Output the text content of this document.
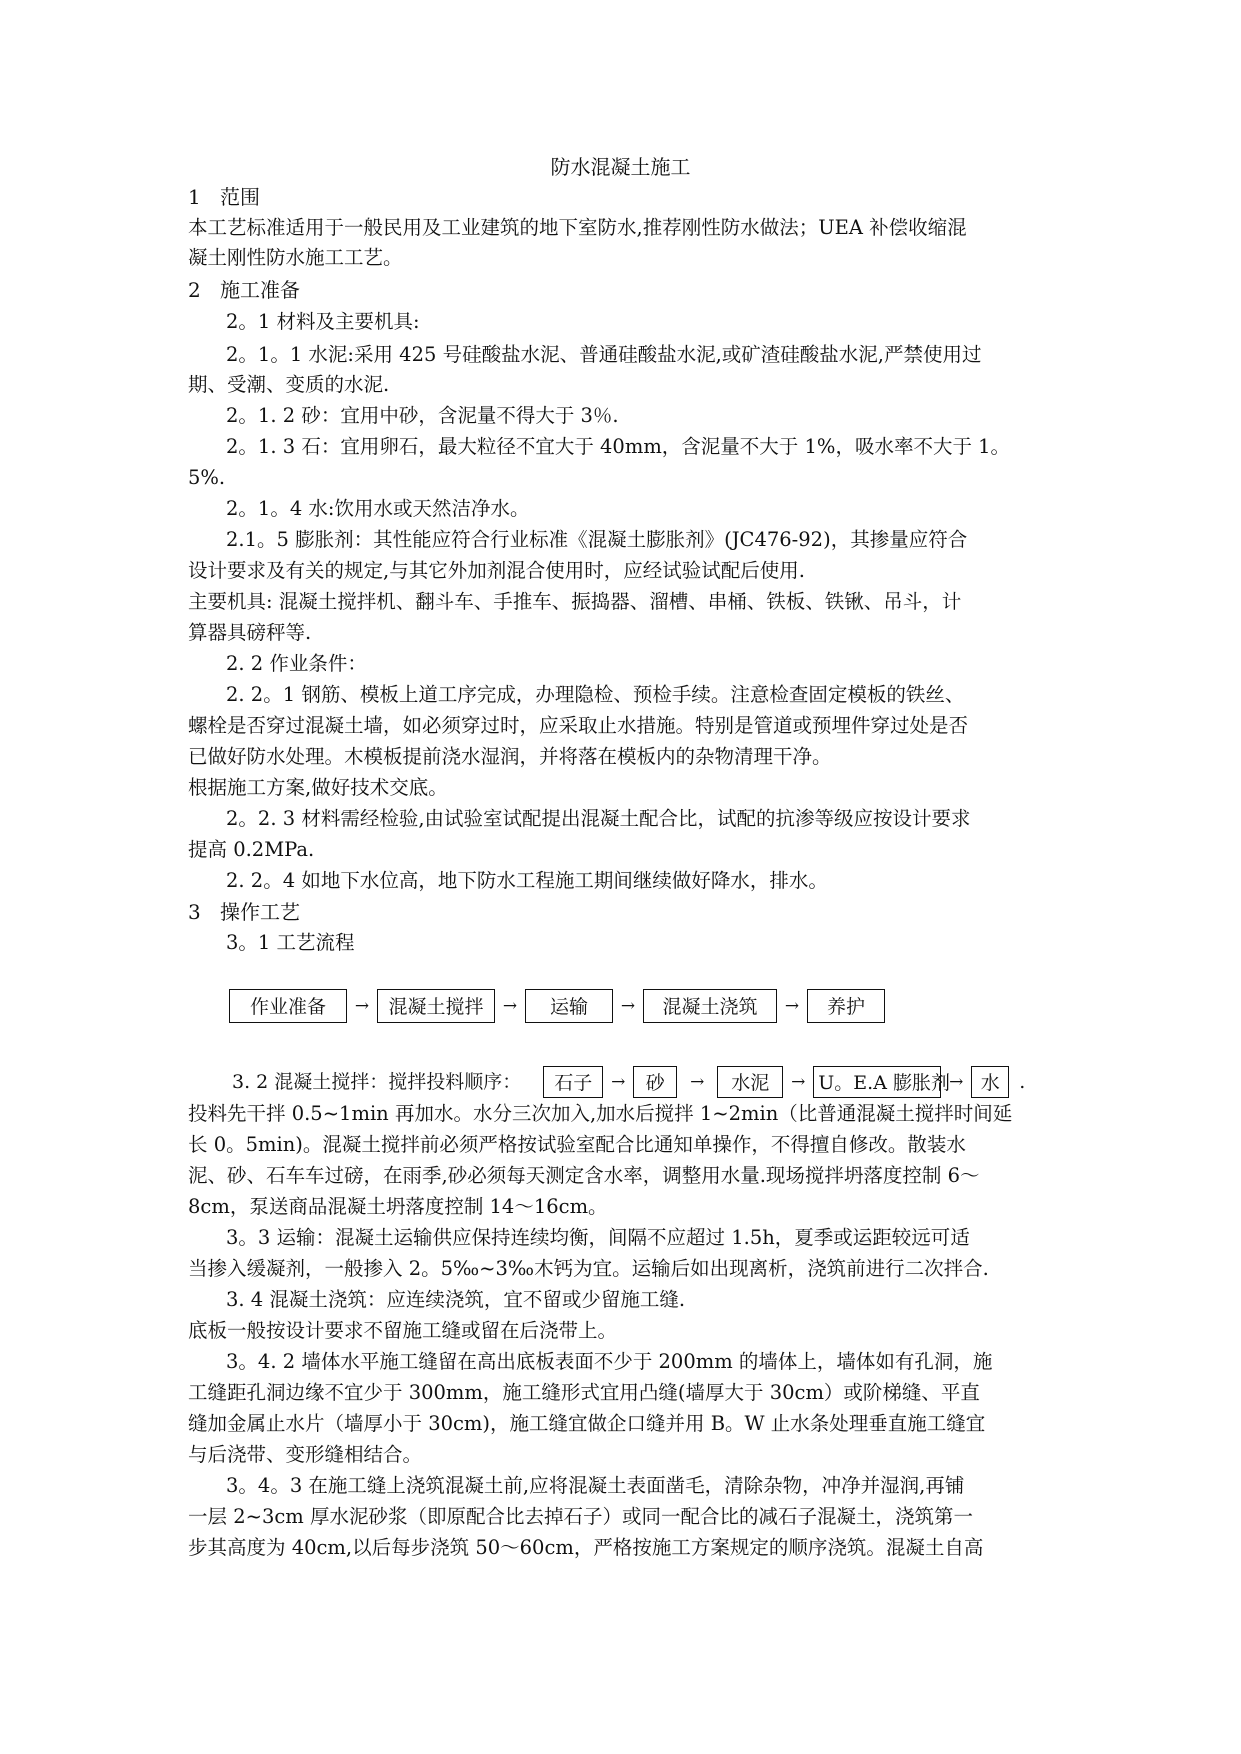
防水混凝土施工
1 范围
本工艺标准适用于一般民用及工业建筑的地下室防水,推荐刚性防水做法；UEA 补偿收缩混
凝土刚性防水施工工艺。
2 施工准备
2。1 材料及主要机具:
2。1。1 水泥:采用 425 号硅酸盐水泥、普通硅酸盐水泥,或矿渣硅酸盐水泥,严禁使用过
期、受潮、变质的水泥.
2。1. 2 砂：宜用中砂，含泥量不得大于 3％.
2。1. 3 石：宜用卵石，最大粒径不宜大于 40mm，含泥量不大于 1%，吸水率不大于 1。
5%.
2。1。4 水:饮用水或天然洁净水。
2.1。5 膨胀剂：其性能应符合行业标准《混凝土膨胀剂》(JC476-92)，其掺量应符合
设计要求及有关的规定,与其它外加剂混合使用时，应经试验试配后使用.
主要机具: 混凝土搅拌机、翻斗车、手推车、振捣器、溜槽、串桶、铁板、铁锹、吊斗，计
算器具磅秤等.
2. 2 作业条件：
2. 2。1 钢筋、模板上道工序完成，办理隐检、预检手续。注意检查固定模板的铁丝、
螺栓是否穿过混凝土墙，如必须穿过时，应采取止水措施。特别是管道或预埋件穿过处是否
已做好防水处理。木模板提前浇水湿润，并将落在模板内的杂物清理干净。
根据施工方案,做好技术交底。
2。2. 3 材料需经检验,由试验室试配提出混凝土配合比，试配的抗渗等级应按设计要求
提高 0.2MPa.
2. 2。4 如地下水位高，地下防水工程施工期间继续做好降水，排水。
3 操作工艺
3。1 工艺流程
作业准备	→	混凝土搅拌	→	运输	→	混凝土浇筑	→	养护
3. 2 混凝土搅拌：搅拌投料顺序：	石子	→	砂	→	水泥	→ U。E.A 膨胀剂 → 水	.
投料先干拌 0.5~1min 再加水。水分三次加入,加水后搅拌 1~2min（比普通混凝土搅拌时间延
长 0。5min)。混凝土搅拌前必须严格按试验室配合比通知单操作，不得擅自修改。散装水
泥、砂、石车车过磅，在雨季,砂必须每天测定含水率，调整用水量.现场搅拌坍落度控制 6～
8cm，泵送商品混凝土坍落度控制 14～16cm。
3。3 运输：混凝土运输供应保持连续均衡，间隔不应超过 1.5h，夏季或运距较远可适
当掺入缓凝剂，一般掺入 2。5‰~3‰木钙为宜。运输后如出现离析，浇筑前进行二次拌合.
3. 4 混凝土浇筑：应连续浇筑，宜不留或少留施工缝.
底板一般按设计要求不留施工缝或留在后浇带上。
3。4. 2 墙体水平施工缝留在高出底板表面不少于 200mm 的墙体上，墙体如有孔洞，施
工缝距孔洞边缘不宜少于 300mm，施工缝形式宜用凸缝(墙厚大于 30cm）或阶梯缝、平直
缝加金属止水片（墙厚小于 30cm)，施工缝宜做企口缝并用 B。W 止水条处理垂直施工缝宜
与后浇带、变形缝相结合。
3。4。3 在施工缝上浇筑混凝土前,应将混凝土表面凿毛，清除杂物，冲净并湿润,再铺
一层 2~3cm 厚水泥砂浆（即原配合比去掉石子）或同一配合比的减石子混凝土，浇筑第一
步其高度为 40cm,以后每步浇筑 50～60cm，严格按施工方案规定的顺序浇筑。混凝土自高
